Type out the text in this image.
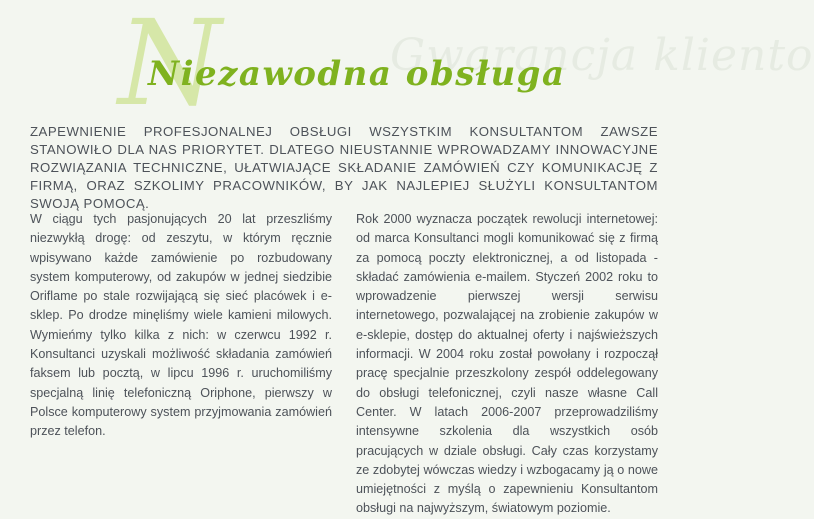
Gwarancja kliento
N
Niezawodna obsługa

ZAPEWNIENIE PROFESJONALNEJ OBSŁUGI WSZYSTKIM KONSULTANTOM ZAWSZE STANOWIŁO DLA NAS PRIORYTET. DLATEGO NIEUSTANNIE WPROWADZAMY INNOWACYJNE ROZWIĄZANIA TECHNICZNE, UŁATWIAJĄCE SKŁADANIE ZAMÓWIEŃ CZY KOMUNIKACJĘ Z FIRMĄ, ORAZ SZKOLIMY PRACOWNIKÓW, BY JAK NAJLEPIEJ SŁUŻYLI KONSULTANTOM SWOJĄ POMOCĄ.

W ciągu tych pasjonujących 20 lat przeszliśmy niezwykłą drogę: od zeszytu, w którym ręcznie wpisywano każde zamówienie po rozbudowany system komputerowy, od zakupów w jednej siedzibie Oriflame po stale rozwijającą się sieć placówek i e-sklep. Po drodze minęliśmy wiele kamieni milowych. Wymieńmy tylko kilka z nich: w czerwcu 1992 r. Konsultanci uzyskali możliwość składania zamówień faksem lub pocztą, w lipcu 1996 r. uruchomiliśmy specjalną linię telefoniczną Oriphone, pierwszy w Polsce komputerowy system przyjmowania zamówień przez telefon.

Rok 2000 wyznacza początek rewolucji internetowej: od marca Konsultanci mogli komunikować się z firmą za pomocą poczty elektronicznej, a od listopada - składać zamówienia e-mailem. Styczeń 2002 roku to wprowadzenie pierwszej wersji serwisu internetowego, pozwalającej na zrobienie zakupów w e-sklepie, dostęp do aktualnej oferty i najświeższych informacji. W 2004 roku został powołany i rozpoczął pracę specjalnie przeszkolony zespół oddelegowany do obsługi telefonicznej, czyli nasze własne Call Center. W latach 2006-2007 przeprowadziliśmy intensywne szkolenia dla wszystkich osób pracujących w dziale obsługi. Cały czas korzystamy ze zdobytej wówczas wiedzy i wzbogacamy ją o nowe umiejętności z myślą o zapewnieniu Konsultantom obsługi na najwyższym, światowym poziomie.
